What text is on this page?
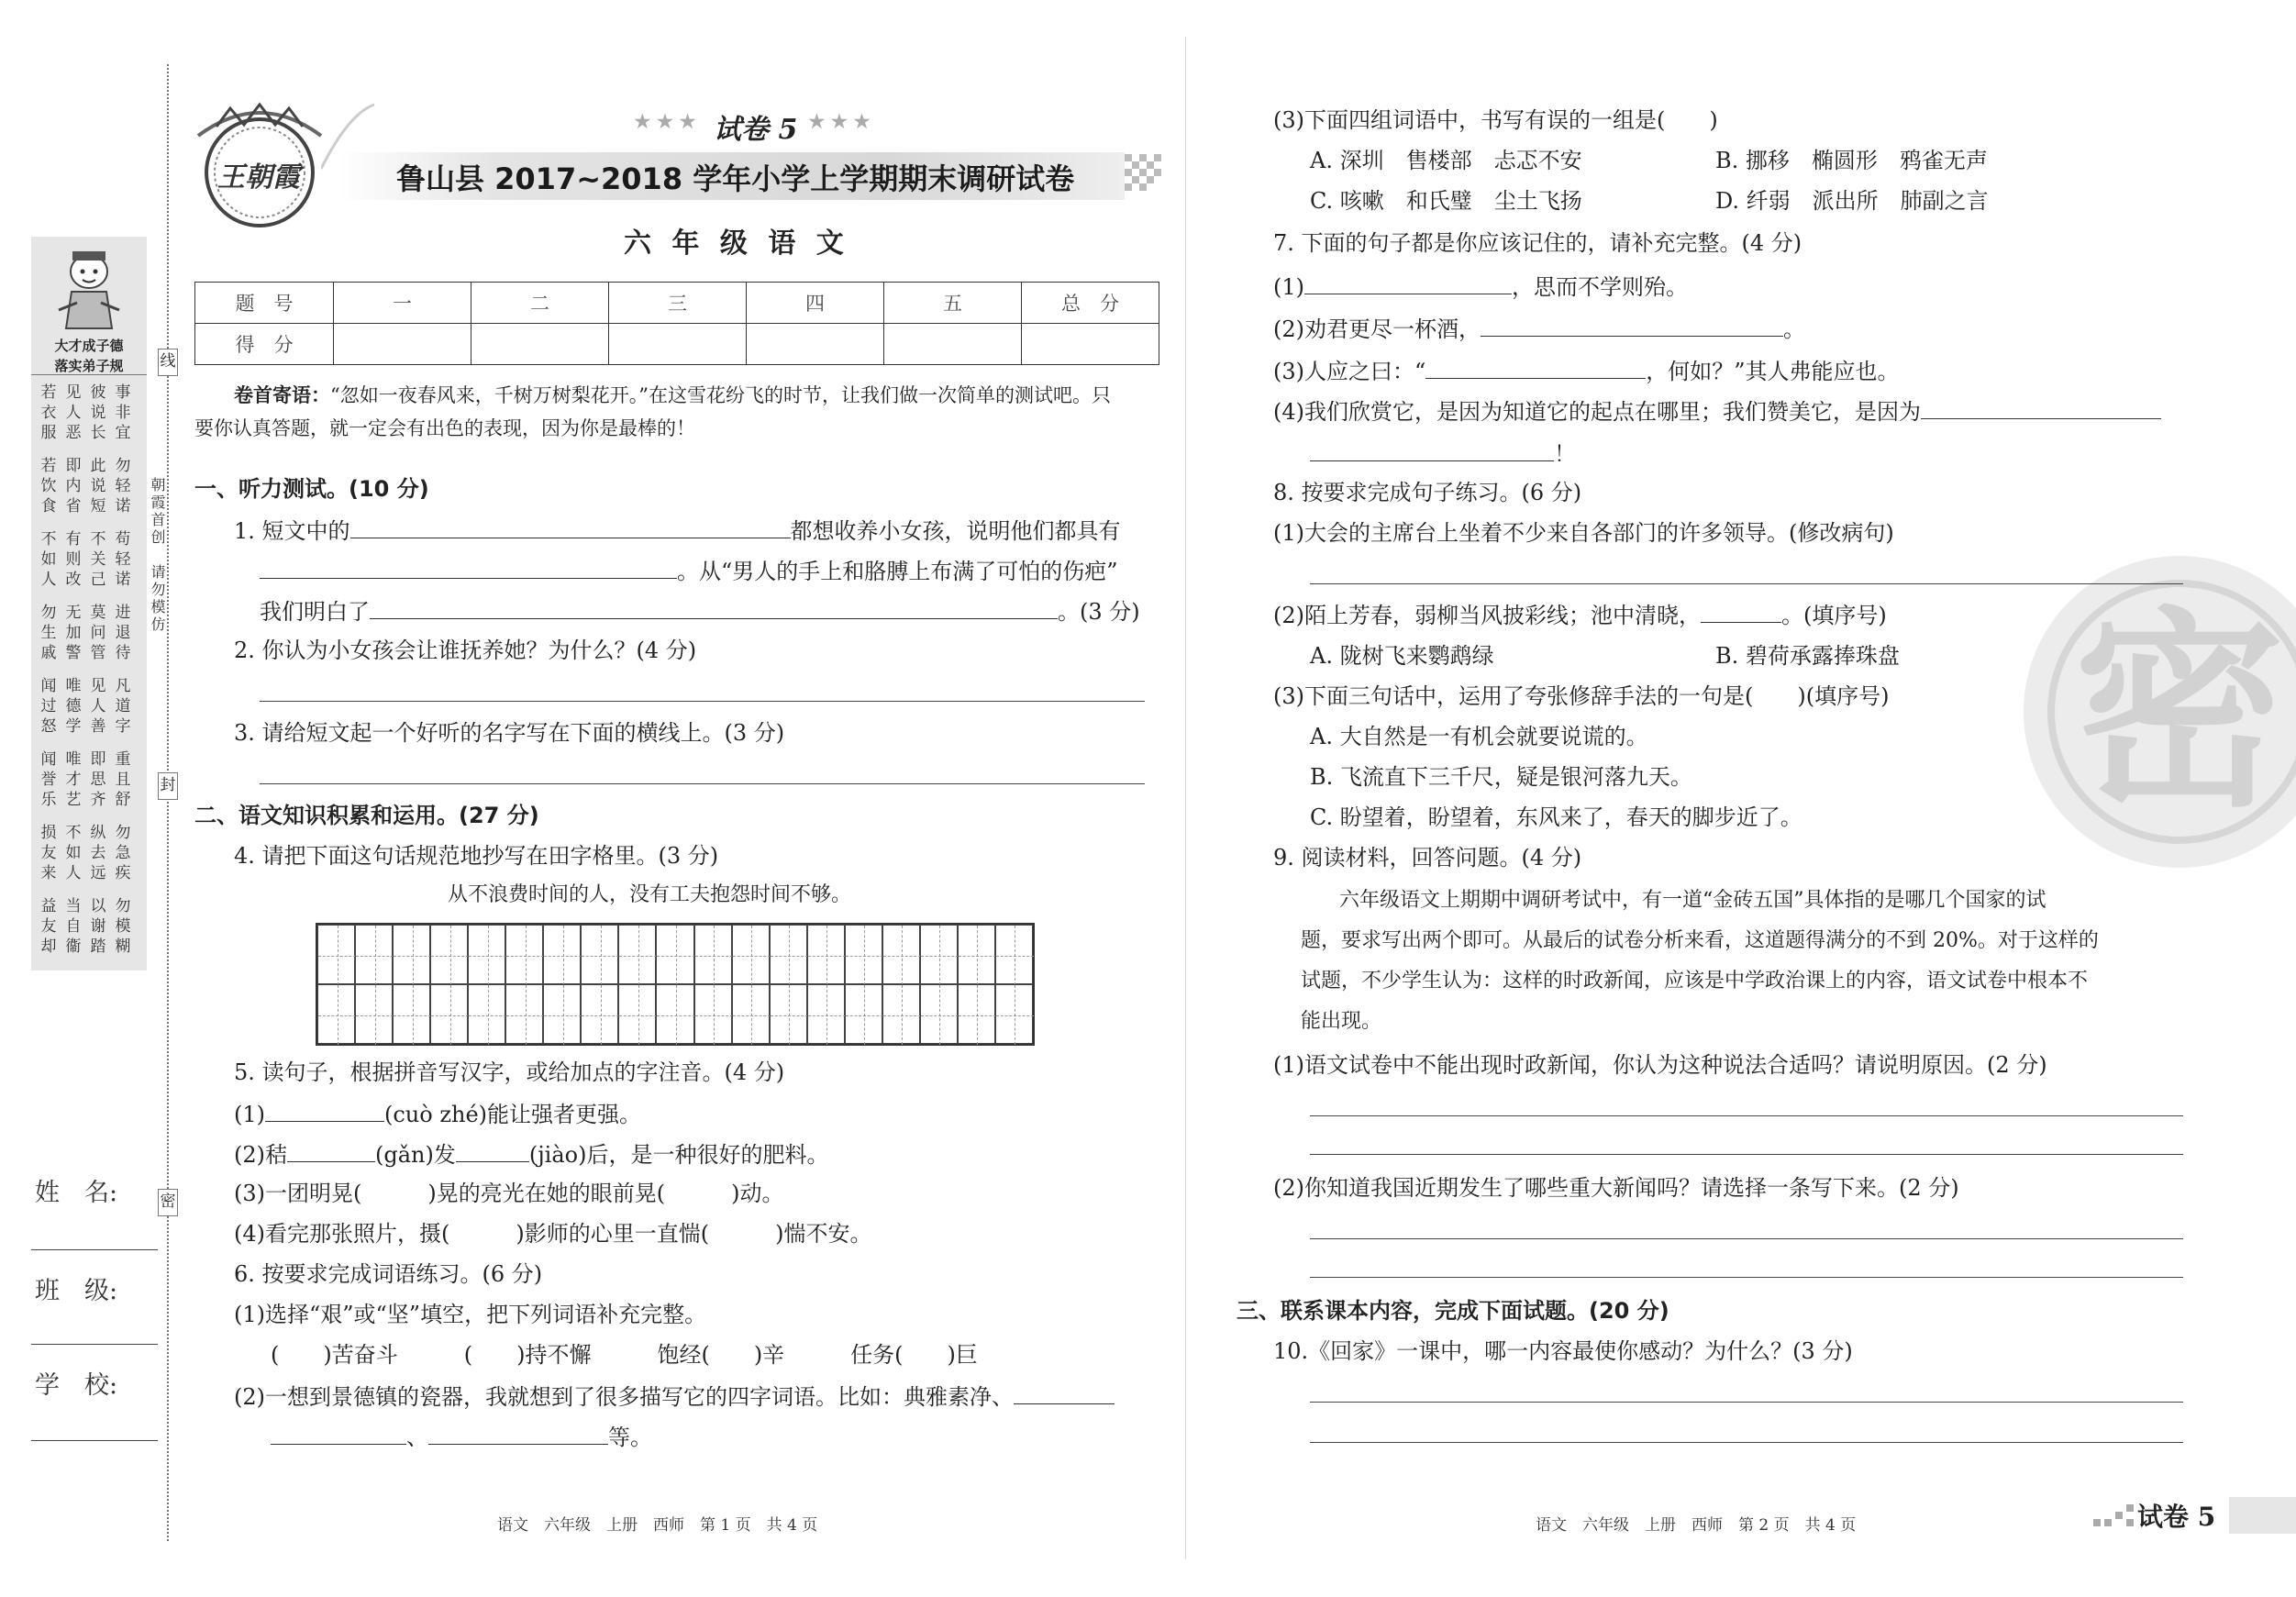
大才成子德
落实弟子规
若 见 彼 事
衣 人 说 非
服 恶 长 宜
若 即 此 勿
饮 内 说 轻
食 省 短 诺
不 有 不 苟
如 则 关 轻
人 改 己 诺
勿 无 莫 进
生 加 问 退
戚 警 管 待
闻 唯 见 凡
过 德 人 道
怒 学 善 字
闻 唯 即 重
誉 才 思 且
乐 艺 齐 舒
损 不 纵 勿
友 如 去 急
来 人 远 疾
益 当 以 勿
友 自 谢 模
却 衞 踏 糊
线
封
密
朝霞首创　请勿模仿
姓　名:
班　级:
学　校:
王朝霞
★★★ 试卷 5 ★★★
鲁山县 2017~2018 学年小学上学期期末调研试卷
六 年 级 语 文
题　号	一	二	三	四	五	总　分
得　分						
卷首寄语：“忽如一夜春风来，千树万树梨花开。”在这雪花纷飞的时节，让我们做一次简单的测试吧。只
要你认真答题，就一定会有出色的表现，因为你是最棒的！
一、听力测试。(10 分)
1. 短文中的	都想收养小女孩，说明他们都具有
。从“男人的手上和胳膊上布满了可怕的伤疤”
我们明白了	。(3 分)
2. 你认为小女孩会让谁抚养她？为什么？(4 分)
3. 请给短文起一个好听的名字写在下面的横线上。(3 分)
二、语文知识积累和运用。(27 分)
4. 请把下面这句话规范地抄写在田字格里。(3 分)
从不浪费时间的人，没有工夫抱怨时间不够。
5. 读句子，根据拼音写汉字，或给加点的字注音。(4 分)
(1)	(cuò zhé)能让强者更强。
(2)秸	(gǎn)发	(jiào)后，是一种很好的肥料。
(3)一团明晃(　　　)晃的亮光在她的眼前晃(　　　)动。
(4)看完那张照片，摄(　　　)影师的心里一直惴(　　　)惴不安。
6. 按要求完成词语练习。(6 分)
(1)选择“艰”或“坚”填空，把下列词语补充完整。
(　　)苦奋斗　　　(　　)持不懈　　　饱经(　　)辛　　　任务(　　)巨
(2)一想到景德镇的瓷器，我就想到了很多描写它的四字词语。比如：典雅素净、
、	等。
语文　六年级　上册　西师　第 1 页　共 4 页
密
(3)下面四组词语中，书写有误的一组是(　　)
A. 深圳　售楼部　忐忑不安	B. 挪移　椭圆形　鸦雀无声
C. 咳嗽　和氏璧　尘土飞扬	D. 纤弱　派出所　肺副之言
7. 下面的句子都是你应该记住的，请补充完整。(4 分)
(1)	，思而不学则殆。
(2)劝君更尽一杯酒，	。
(3)人应之曰：“	，何如？”其人弗能应也。
(4)我们欣赏它，是因为知道它的起点在哪里；我们赞美它，是因为
！
8. 按要求完成句子练习。(6 分)
(1)大会的主席台上坐着不少来自各部门的许多领导。(修改病句)
(2)陌上芳春，弱柳当风披彩线；池中清晓，	。(填序号)
A. 陇树飞来鹦鹉绿	B. 碧荷承露捧珠盘
(3)下面三句话中，运用了夸张修辞手法的一句是(　　)(填序号)
A. 大自然是一有机会就要说谎的。
B. 飞流直下三千尺，疑是银河落九天。
C. 盼望着，盼望着，东风来了，春天的脚步近了。
9. 阅读材料，回答问题。(4 分)
六年级语文上期期中调研考试中，有一道“金砖五国”具体指的是哪几个国家的试
题，要求写出两个即可。从最后的试卷分析来看，这道题得满分的不到 20%。对于这样的
试题，不少学生认为：这样的时政新闻，应该是中学政治课上的内容，语文试卷中根本不
能出现。
(1)语文试卷中不能出现时政新闻，你认为这种说法合适吗？请说明原因。(2 分)
(2)你知道我国近期发生了哪些重大新闻吗？请选择一条写下来。(2 分)
三、联系课本内容，完成下面试题。(20 分)
10.《回家》一课中，哪一内容最使你感动？为什么？(3 分)
语文　六年级　上册　西师　第 2 页　共 4 页	试卷 5
